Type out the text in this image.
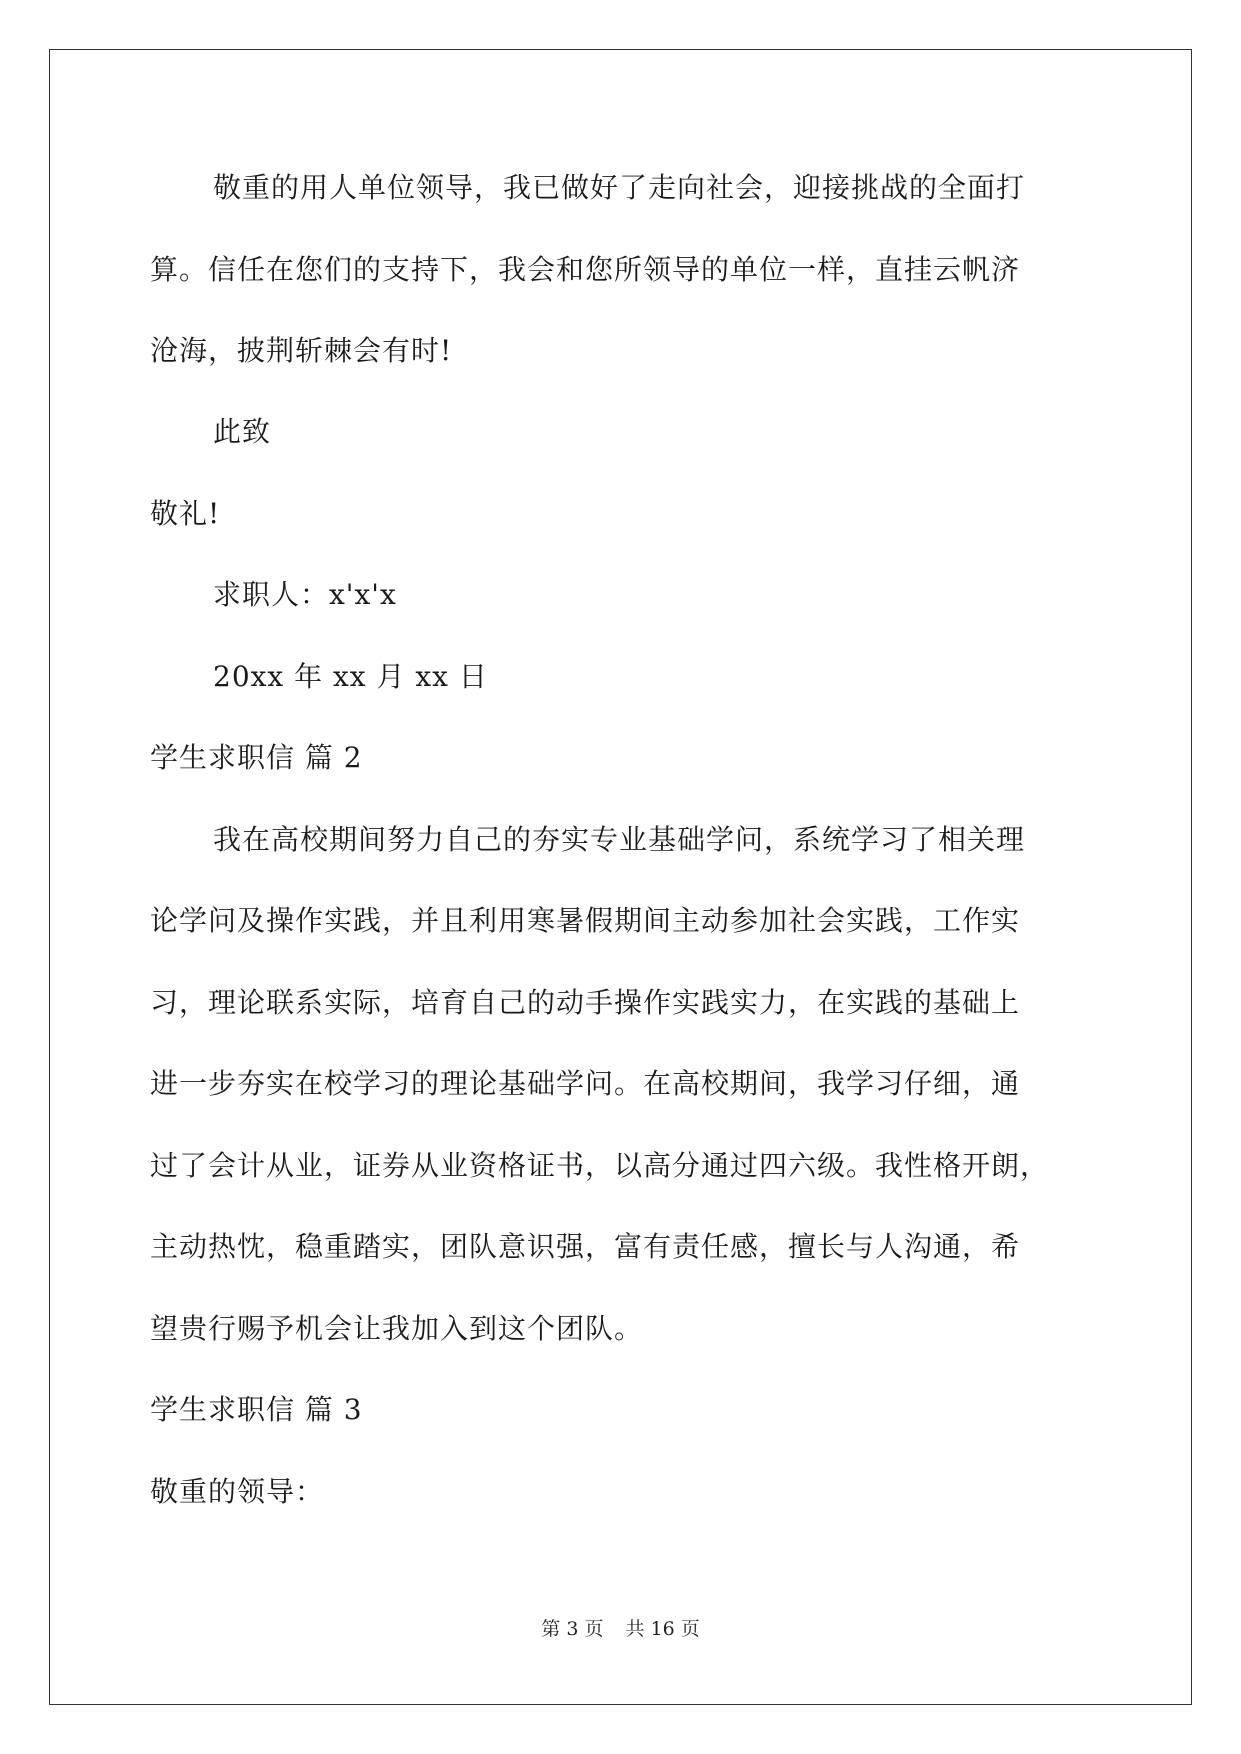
敬重的用人单位领导，我已做好了走向社会，迎接挑战的全面打
算。信任在您们的支持下，我会和您所领导的单位一样，直挂云帆济
沧海，披荆斩棘会有时!
此致
敬礼!
求职人：x'x'x
20xx 年 xx 月 xx 日
学生求职信 篇 2
我在高校期间努力自己的夯实专业基础学问，系统学习了相关理
论学问及操作实践，并且利用寒暑假期间主动参加社会实践，工作实
习，理论联系实际，培育自己的动手操作实践实力，在实践的基础上
进一步夯实在校学习的理论基础学问。在高校期间，我学习仔细，通
过了会计从业，证券从业资格证书，以高分通过四六级。我性格开朗，
主动热忱，稳重踏实，团队意识强，富有责任感，擅长与人沟通，希
望贵行赐予机会让我加入到这个团队。
学生求职信 篇 3
敬重的领导：
第 3 页 共 16 页
